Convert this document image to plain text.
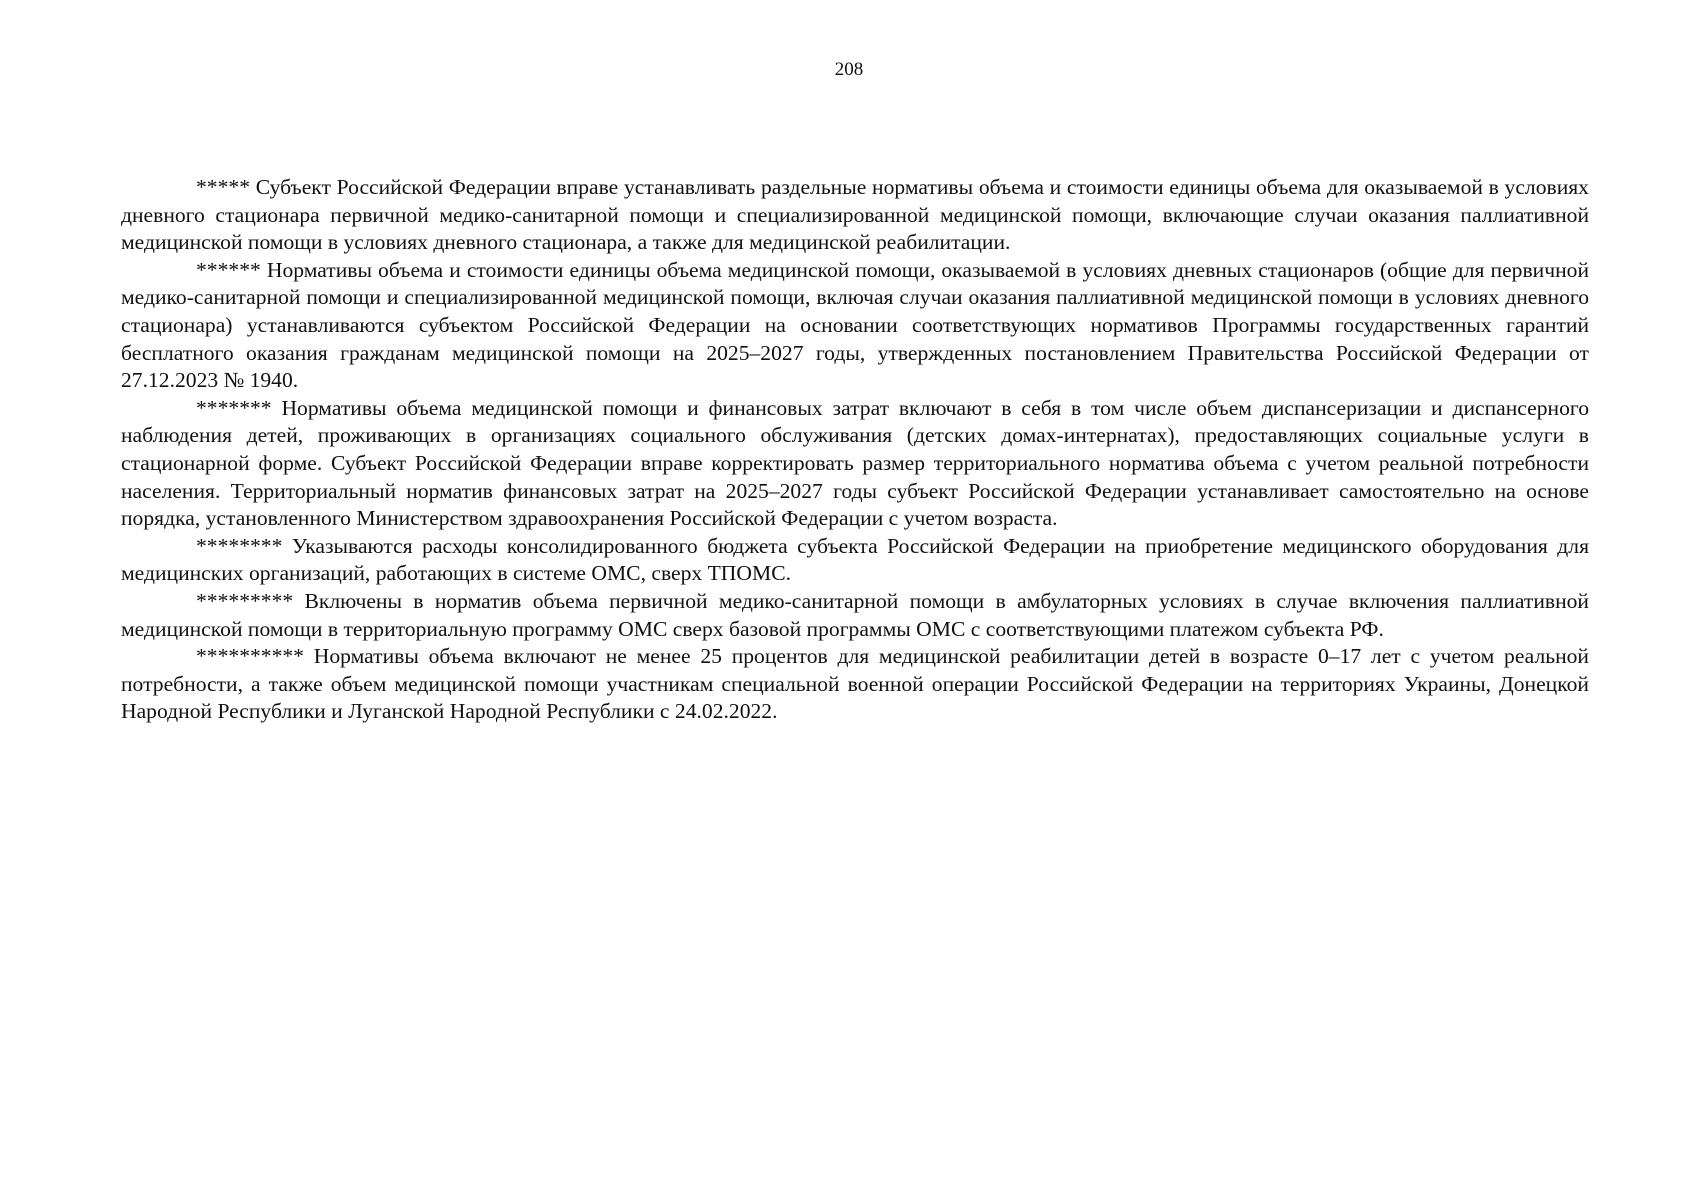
208

***** Субъект Российской Федерации вправе устанавливать раздельные нормативы объема и стоимости единицы объема для оказываемой в условиях дневного стационара первичной медико-санитарной помощи и специализированной медицинской помощи, включающие случаи оказания паллиативной медицинской помощи в условиях дневного стационара, а также для медицинской реабилитации.

****** Нормативы объема и стоимости единицы объема медицинской помощи, оказываемой в условиях дневных стационаров (общие для первичной медико-санитарной помощи и специализированной медицинской помощи, включая случаи оказания паллиативной медицинской помощи в условиях дневного стационара) устанавливаются субъектом Российской Федерации на основании соответствующих нормативов Программы государственных гарантий бесплатного оказания гражданам медицинской помощи на 2025–2027 годы, утвержденных постановлением Правительства Российской Федерации от 27.12.2023 № 1940.

******* Нормативы объема медицинской помощи и финансовых затрат включают в себя в том числе объем диспансеризации и диспансерного наблюдения детей, проживающих в организациях социального обслуживания (детских домах-интернатах), предоставляющих социальные услуги в стационарной форме. Субъект Российской Федерации вправе корректировать размер территориального норматива объема с учетом реальной потребности населения. Территориальный норматив финансовых затрат на 2025–2027 годы субъект Российской Федерации устанавливает самостоятельно на основе порядка, установленного Министерством здравоохранения Российской Федерации с учетом возраста.

******** Указываются расходы консолидированного бюджета субъекта Российской Федерации на приобретение медицинского оборудования для медицинских организаций, работающих в системе ОМС, сверх ТПОМС.

********* Включены в норматив объема первичной медико-санитарной помощи в амбулаторных условиях в случае включения паллиативной медицинской помощи в территориальную программу ОМС сверх базовой программы ОМС с соответствующими платежом субъекта РФ.

********** Нормативы объема включают не менее 25 процентов для медицинской реабилитации детей в возрасте 0–17 лет с учетом реальной потребности, а также объем медицинской помощи участникам специальной военной операции Российской Федерации на территориях Украины, Донецкой Народной Республики и Луганской Народной Республики с 24.02.2022.
